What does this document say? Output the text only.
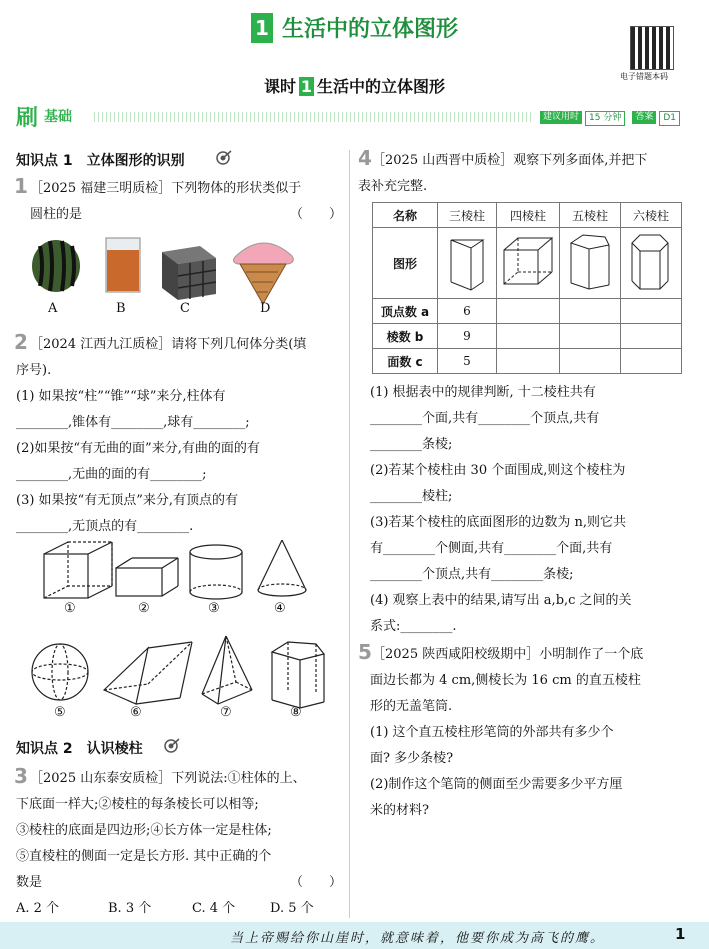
1 生活中的立体图形
电子错题本码
课时 1 生活中的立体图形
刷 基础	建议用时	15 分钟	答案	D1
知识点 1　立体图形的识别
1 ［2025 福建三明质检］下列物体的形状类似于
圆柱的是	（　　）
A	B	C	D
2 ［2024 江西九江质检］请将下列几何体分类(填
序号).
(1) 如果按“柱”“锥”“球”来分,柱体有
________,锥体有________,球有________;
(2)如果按“有无曲的面”来分,有曲的面的有
________,无曲的面的有________;
(3) 如果按“有无顶点”来分,有顶点的有
________,无顶点的有________.
①	②	③	④
⑤	⑥	⑦	⑧
知识点 2　认识棱柱
3 ［2025 山东泰安质检］下列说法:①柱体的上、
下底面一样大;②棱柱的每条棱长可以相等;
③棱柱的底面是四边形;④长方体一定是柱体;
⑤直棱柱的侧面一定是长方形. 其中正确的个
数是	（　　）
A. 2 个	B. 3 个	C. 4 个	D. 5 个
4 ［2025 山西晋中质检］观察下列多面体,并把下
表补充完整.
名称	三棱柱	四棱柱	五棱柱	六棱柱
图形				
顶点数 a	6			
棱数 b	9			
面数 c	5			
(1) 根据表中的规律判断, 十二棱柱共有
________个面,共有________个顶点,共有
________条棱;
(2)若某个棱柱由 30 个面围成,则这个棱柱为
________棱柱;
(3)若某个棱柱的底面图形的边数为 n,则它共
有________个侧面,共有________个面,共有
________个顶点,共有________条棱;
(4) 观察上表中的结果,请写出 a,b,c 之间的关
系式:________.
5 ［2025 陕西咸阳校级期中］小明制作了一个底
面边长都为 4 cm,侧棱长为 16 cm 的直五棱柱
形的无盖笔筒.
(1) 这个直五棱柱形笔筒的外部共有多少个
面? 多少条棱?
(2)制作这个笔筒的侧面至少需要多少平方厘
米的材料?
当上帝赐给你山崖时，就意味着，他要你成为高飞的鹰。	1
